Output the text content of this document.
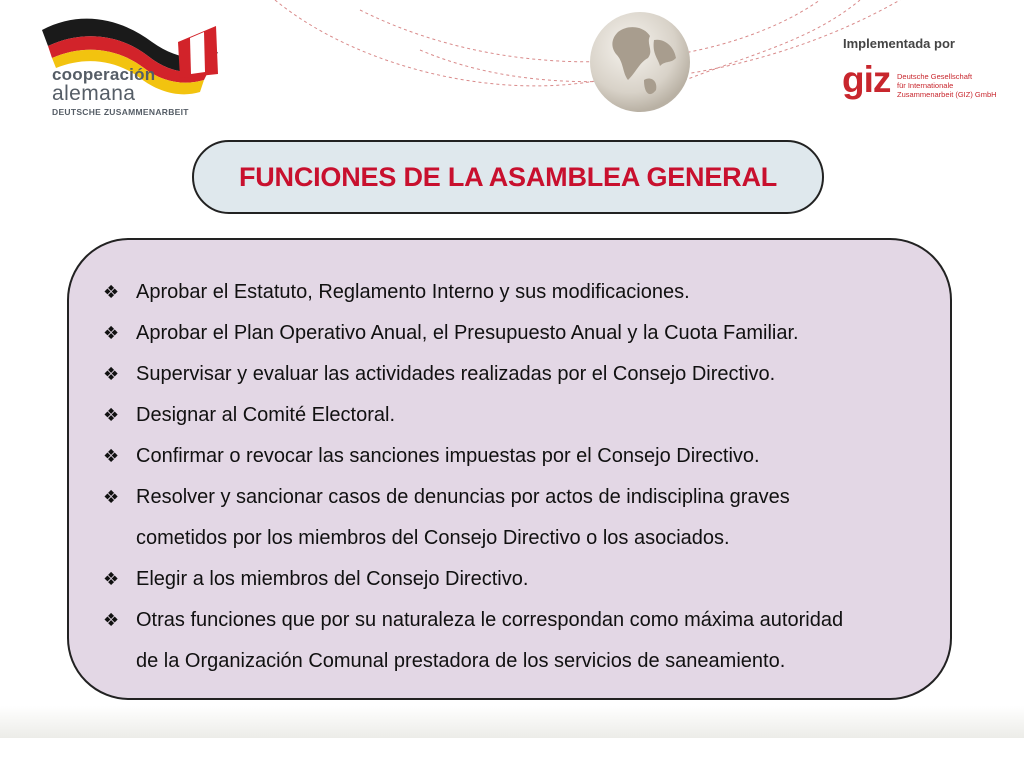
cooperación
alemana
DEUTSCHE ZUSAMMENARBEIT
Implementada por
giz Deutsche Gesellschaft
für Internationale
Zusammenarbeit (GIZ) GmbH
FUNCIONES DE LA ASAMBLEA GENERAL
❖ Aprobar el Estatuto, Reglamento Interno y sus modificaciones.
❖ Aprobar el Plan Operativo Anual, el Presupuesto Anual y la Cuota Familiar.
❖ Supervisar y evaluar las actividades realizadas por el Consejo Directivo.
❖ Designar al Comité Electoral.
❖ Confirmar o revocar las sanciones impuestas por el Consejo Directivo.
❖ Resolver y sancionar casos de denuncias por actos de indisciplina graves
cometidos por los miembros del Consejo Directivo o los asociados.
❖ Elegir a los miembros del Consejo Directivo.
❖ Otras funciones que por su naturaleza le correspondan como máxima autoridad
de la Organización Comunal prestadora de los servicios de saneamiento.
